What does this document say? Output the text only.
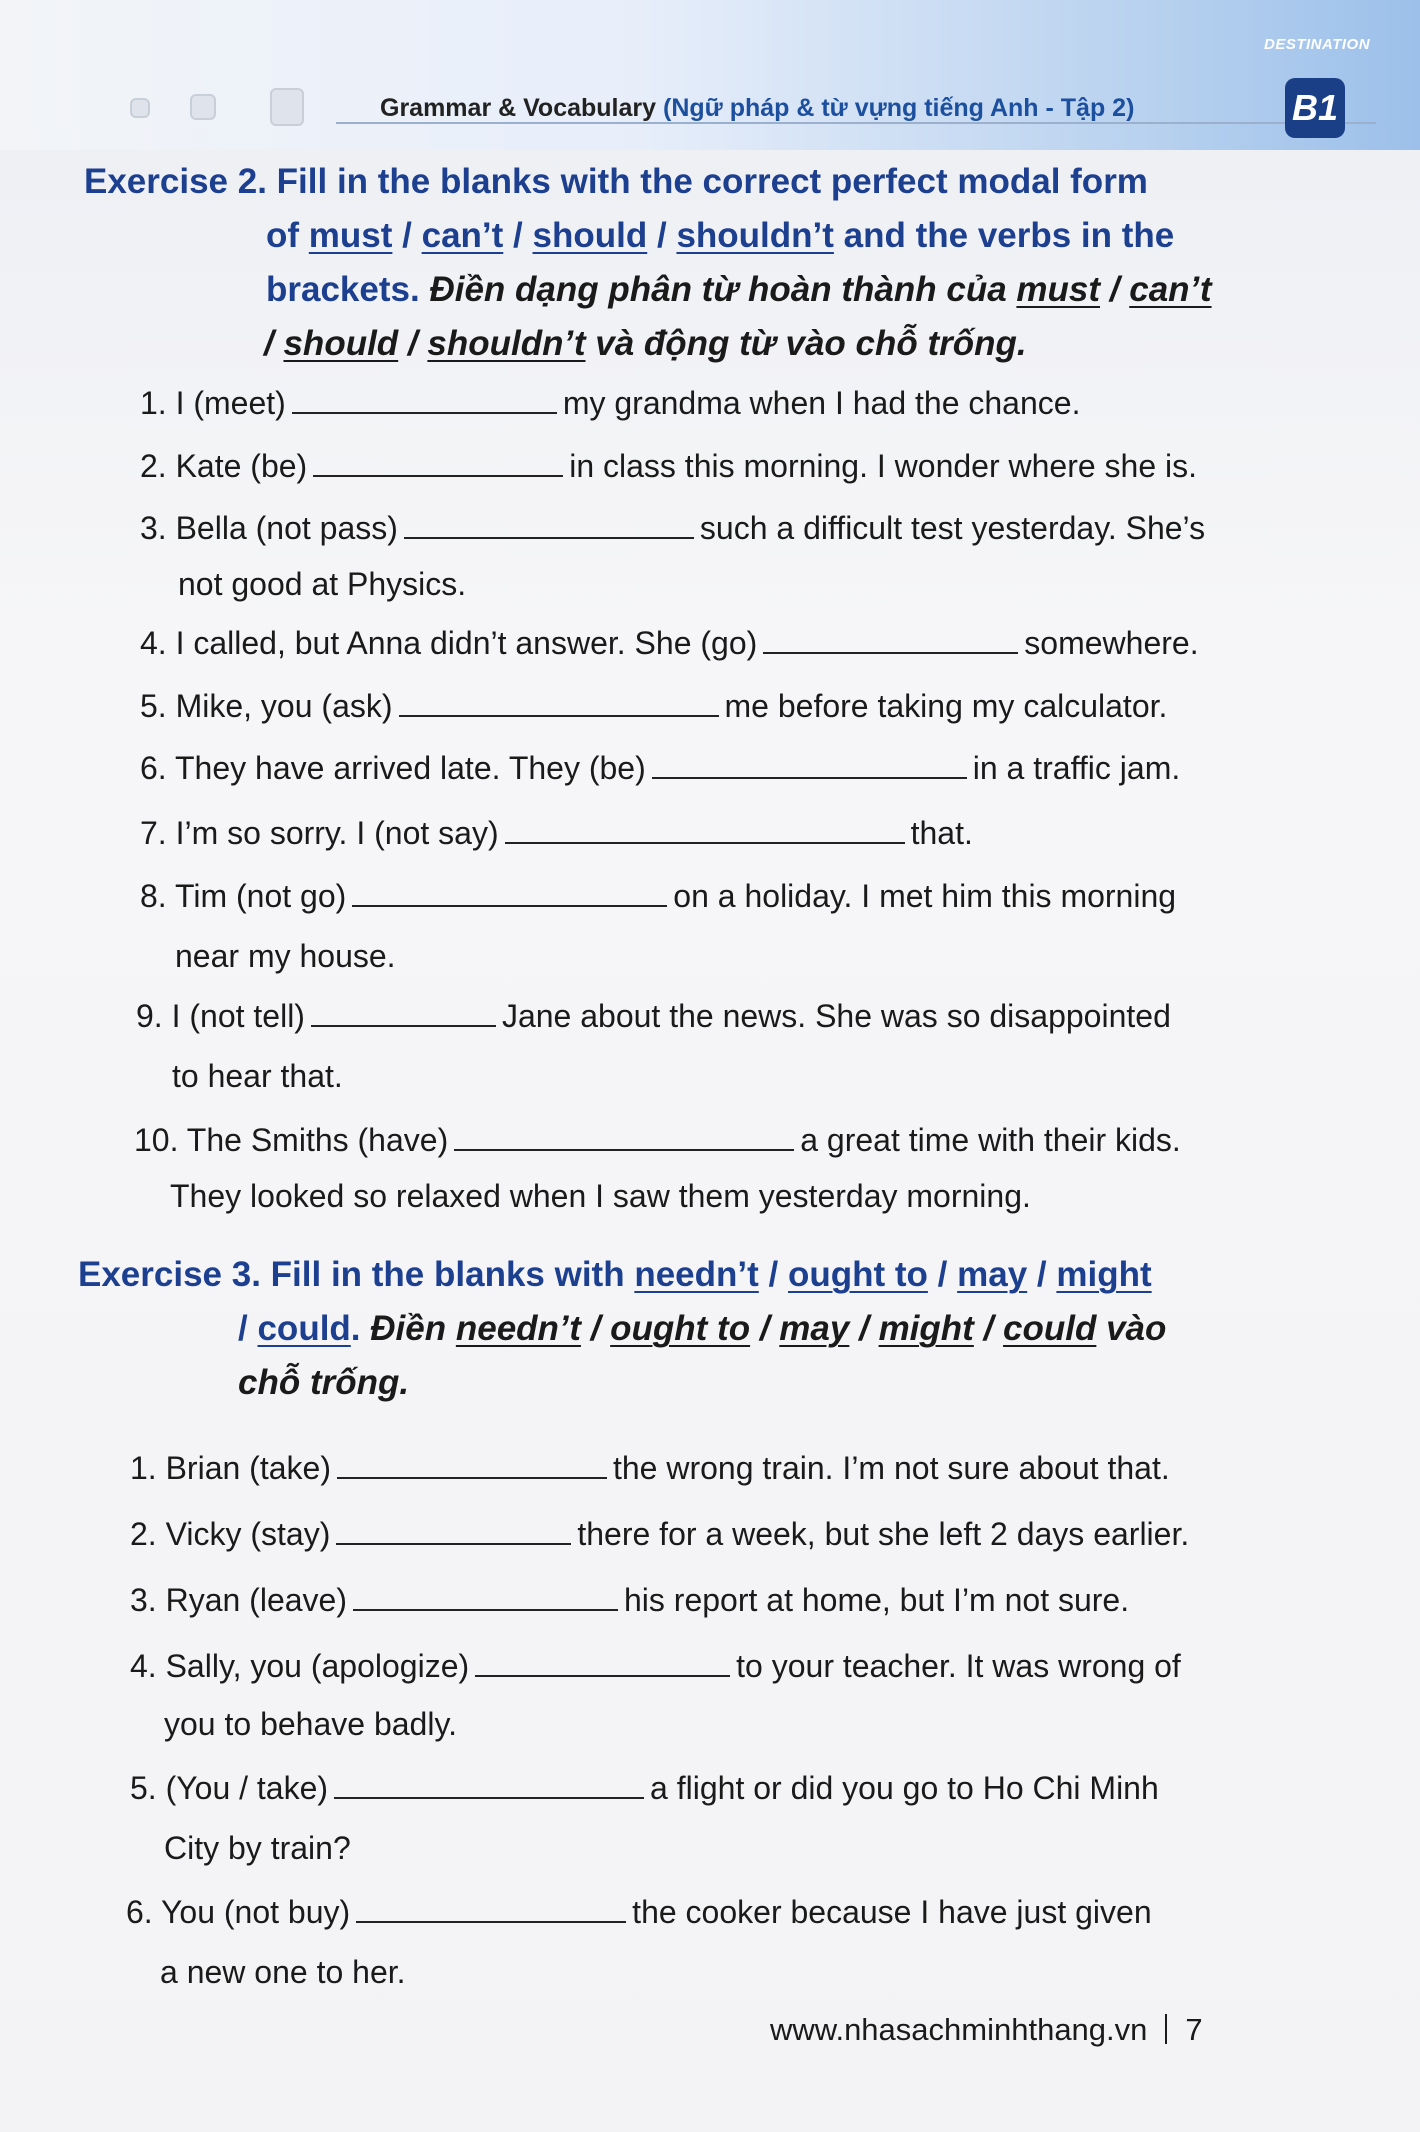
DESTINATION
Grammar & Vocabulary (Ngữ pháp & từ vựng tiếng Anh - Tập 2)	B1
Exercise 2. Fill in the blanks with the correct perfect modal form
of must / can’t / should / shouldn’t and the verbs in the
brackets. Điền dạng phân từ hoàn thành của must / can’t
/ should / shouldn’t và động từ vào chỗ trống.
1. I (meet)	my grandma when I had the chance.
2. Kate (be)	in class this morning. I wonder where she is.
3. Bella (not pass)	such a difficult test yesterday. She’s
not good at Physics.
4. I called, but Anna didn’t answer. She (go)	somewhere.
5. Mike, you (ask)	me before taking my calculator.
6. They have arrived late. They (be)	in a traffic jam.
7. I’m so sorry. I (not say)	that.
8. Tim (not go)	on a holiday. I met him this morning
near my house.
9. I (not tell)	Jane about the news. She was so disappointed
to hear that.
10. The Smiths (have)	a great time with their kids.
They looked so relaxed when I saw them yesterday morning.
Exercise 3. Fill in the blanks with needn’t / ought to / may / might
/ could. Điền needn’t / ought to / may / might / could vào
chỗ trống.
1. Brian (take)	the wrong train. I’m not sure about that.
2. Vicky (stay)	there for a week, but she left 2 days earlier.
3. Ryan (leave)	his report at home, but I’m not sure.
4. Sally, you (apologize)	to your teacher. It was wrong of
you to behave badly.
5. (You / take)	a flight or did you go to Ho Chi Minh
City by train?
6. You (not buy)	the cooker because I have just given
a new one to her.
www.nhasachminhthang.vn 7
